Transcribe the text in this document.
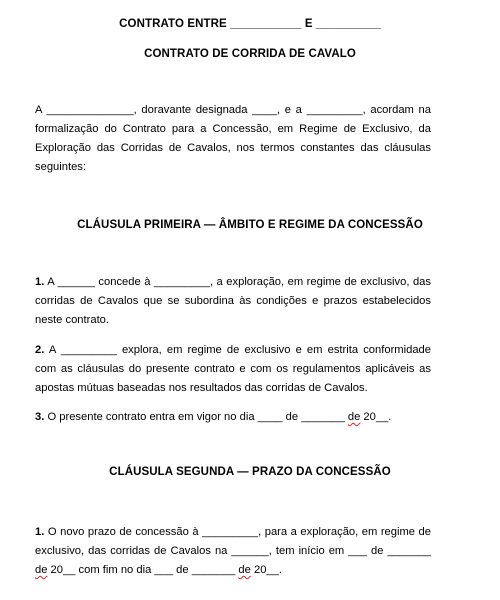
CONTRATO ENTRE ___________ E __________
CONTRATO DE CORRIDA DE CAVALO
A ______________, doravante designada ____, e a _________, acordam na formalização do Contrato para a Concessão, em Regime de Exclusivo, da Exploração das Corridas de Cavalos, nos termos constantes das cláusulas seguintes:
CLÁUSULA PRIMEIRA — ÂMBITO E REGIME DA CONCESSÃO
1. A ______ concede à _________, a exploração, em regime de exclusivo, das corridas de Cavalos que se subordina às condições e prazos estabelecidos neste contrato.
2. A _________ explora, em regime de exclusivo e em estrita conformidade com as cláusulas do presente contrato e com os regulamentos aplicáveis as apostas mútuas baseadas nos resultados das corridas de Cavalos.
3. O presente contrato entra em vigor no dia ____ de _______ de 20__.
CLÁUSULA SEGUNDA — PRAZO DA CONCESSÃO
1. O novo prazo de concessão à _________, para a exploração, em regime de exclusivo, das corridas de Cavalos na ______, tem início em ___ de _______ de 20__ com fim no dia ___ de _______ de 20__.
